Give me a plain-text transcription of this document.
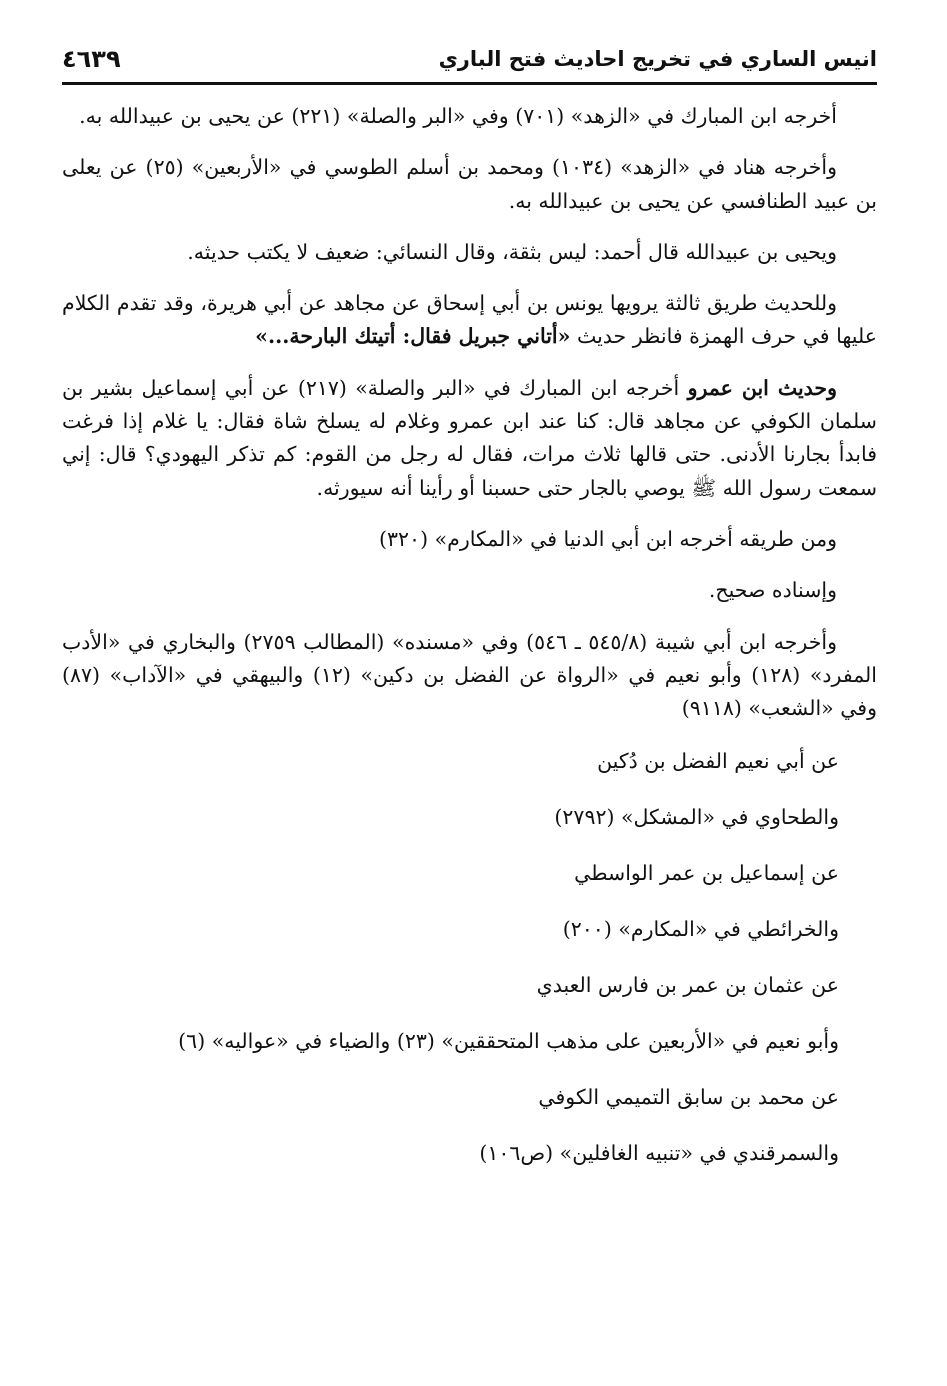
انيس الساري في تخريج احاديث فتح الباري
٤٦٣٩

أخرجه ابن المبارك في «الزهد» (٧٠١) وفي «البر والصلة» (٢٢١) عن يحيى بن عبيدالله به.

وأخرجه هناد في «الزهد» (١٠٣٤) ومحمد بن أسلم الطوسي في «الأربعين» (٢٥) عن يعلى بن عبيد الطنافسي عن يحيى بن عبيدالله به.

ويحيى بن عبيدالله قال أحمد: ليس بثقة، وقال النسائي: ضعيف لا يكتب حديثه.

وللحديث طريق ثالثة يرويها يونس بن أبي إسحاق عن مجاهد عن أبي هريرة، وقد تقدم الكلام عليها في حرف الهمزة فانظر حديث «أتاني جبريل فقال: أتيتك البارحة...»

وحديث ابن عمرو أخرجه ابن المبارك في «البر والصلة» (٢١٧) عن أبي إسماعيل بشير بن سلمان الكوفي عن مجاهد قال: كنا عند ابن عمرو وغلام له يسلخ شاة فقال: يا غلام إذا فرغت فابدأ بجارنا الأدنى. حتى قالها ثلاث مرات، فقال له رجل من القوم: كم تذكر اليهودي؟ قال: إني سمعت رسول الله ﷺ يوصي بالجار حتى حسبنا أو رأينا أنه سيورثه.

ومن طريقه أخرجه ابن أبي الدنيا في «المكارم» (٣٢٠)

وإسناده صحيح.

وأخرجه ابن أبي شيبة (٥٤٥/٨ ـ ٥٤٦) وفي «مسنده» (المطالب ٢٧٥٩) والبخاري في «الأدب المفرد» (١٢٨) وأبو نعيم في «الرواة عن الفضل بن دكين» (١٢) والبيهقي في «الآداب» (٨٧) وفي «الشعب» (٩١١٨)

عن أبي نعيم الفضل بن دُكين
والطحاوي في «المشكل» (٢٧٩٢)
عن إسماعيل بن عمر الواسطي
والخرائطي في «المكارم» (٢٠٠)
عن عثمان بن عمر بن فارس العبدي
وأبو نعيم في «الأربعين على مذهب المتحققين» (٢٣) والضياء في «عواليه» (٦)
عن محمد بن سابق التميمي الكوفي
والسمرقندي في «تنبيه الغافلين» (ص١٠٦)
